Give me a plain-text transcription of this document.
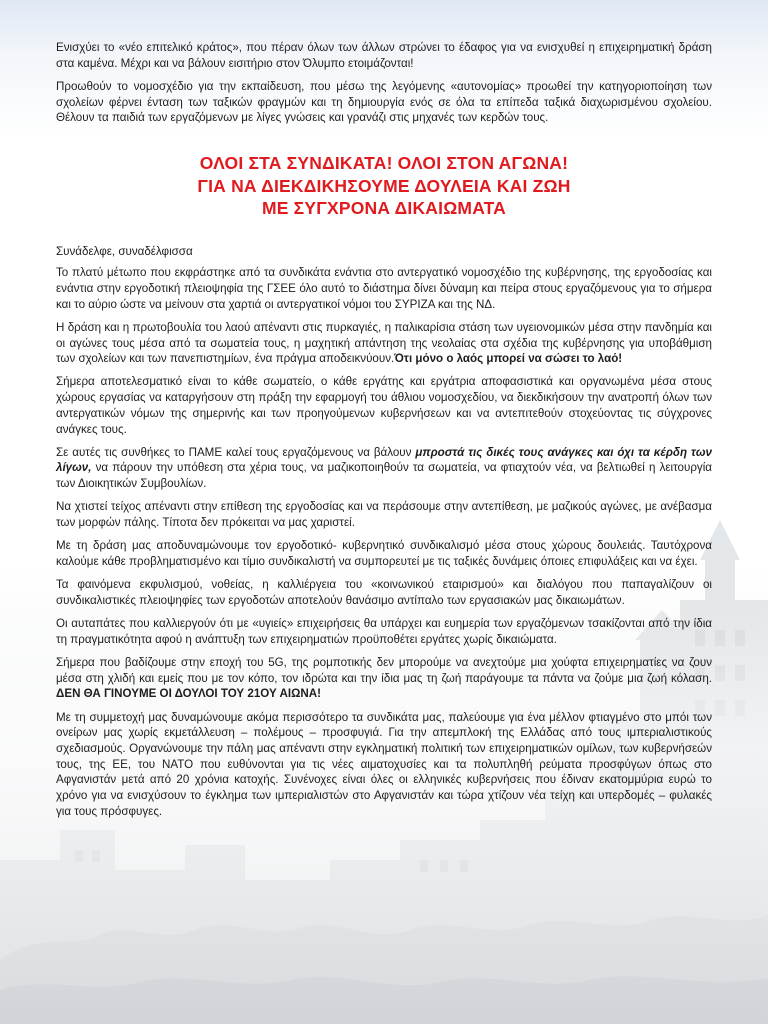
Ενισχύει το «νέο επιτελικό κράτος», που πέραν όλων των άλλων στρώνει το έδαφος για να ενισχυθεί η επιχειρηματική δράση στα καμένα. Μέχρι και να βάλουν εισιτήριο στον Όλυμπο ετοιμάζονται!

Προωθούν το νομοσχέδιο για την εκπαίδευση, που μέσω της λεγόμενης «αυτονομίας» προωθεί την κατηγοριοποίηση των σχολείων φέρνει ένταση των ταξικών φραγμών και τη δημιουργία ενός σε όλα τα επίπεδα ταξικά διαχωρισμένου σχολείου. Θέλουν τα παιδιά των εργαζόμενων με λίγες γνώσεις και γρανάζι στις μηχανές των κερδών τους.

ΟΛΟΙ ΣΤΑ ΣΥΝΔΙΚΑΤΑ! ΟΛΟΙ ΣΤΟΝ ΑΓΩΝΑ!
ΓΙΑ ΝΑ ΔΙΕΚΔΙΚΗΣΟΥΜΕ ΔΟΥΛΕΙΑ ΚΑΙ ΖΩΗ
ΜΕ ΣΥΓΧΡΟΝΑ ΔΙΚΑΙΩΜΑΤΑ

Συνάδελφε, συναδέλφισσα

Το πλατύ μέτωπο που εκφράστηκε από τα συνδικάτα ενάντια στο αντεργατικό νομοσχέδιο της κυβέρνησης, της εργοδοσίας και ενάντια στην εργοδοτική πλειοψηφία της ΓΣΕΕ όλο αυτό το διάστημα δίνει δύναμη και πείρα στους εργαζόμενους για το σήμερα και το αύριο ώστε να μείνουν στα χαρτιά οι αντεργατικοί νόμοι του ΣΥΡΙΖΑ και της ΝΔ.

Η δράση και η πρωτοβουλία του λαού απέναντι στις πυρκαγιές, η παλικαρίσια στάση των υγειονομικών μέσα στην πανδημία και οι αγώνες τους μέσα από τα σωματεία τους, η μαχητική απάντηση της νεολαίας στα σχέδια της κυβέρνησης για υποβάθμιση των σχολείων και των πανεπιστημίων, ένα πράγμα αποδεικνύουν.Ότι μόνο ο λαός μπορεί να σώσει το λαό!

Σήμερα αποτελεσματικό είναι το κάθε σωματείο, ο κάθε εργάτης και εργάτρια αποφασιστικά και οργανωμένα μέσα στους χώρους εργασίας να καταργήσουν στη πράξη την εφαρμογή του άθλιου νομοσχεδίου, να διεκδικήσουν την ανατροπή όλων των αντεργατικών νόμων της σημερινής και των προηγούμενων κυβερνήσεων και να αντεπιτεθούν στοχεύοντας τις σύγχρονες ανάγκες τους.

Σε αυτές τις συνθήκες το ΠΑΜΕ καλεί τους εργαζόμενους να βάλουν μπροστά τις δικές τους ανάγκες και όχι τα κέρδη των λίγων, να πάρουν την υπόθεση στα χέρια τους, να μαζικοποιηθούν τα σωματεία, να φτιαχτούν νέα, να βελτιωθεί η λειτουργία των Διοικητικών Συμβουλίων.

Να χτιστεί τείχος απέναντι στην επίθεση της εργοδοσίας και να περάσουμε στην αντεπίθεση, με μαζικούς αγώνες, με ανέβασμα των μορφών πάλης. Τίποτα δεν πρόκειται να μας χαριστεί.

Με τη δράση μας αποδυναμώνουμε τον εργοδοτικό- κυβερνητικό συνδικαλισμό μέσα στους χώρους δουλειάς. Ταυτόχρονα καλούμε κάθε προβληματισμένο και τίμιο συνδικαλιστή να συμπορευτεί με τις ταξικές δυνάμεις όποιες επιφυλάξεις και να έχει.

Τα φαινόμενα εκφυλισμού, νοθείας, η καλλιέργεια του «κοινωνικού εταιρισμού» και διαλόγου που παπαγαλίζουν οι συνδικαλιστικές πλειοψηφίες των εργοδοτών αποτελούν θανάσιμο αντίπαλο των εργασιακών μας δικαιωμάτων.

Οι αυταπάτες που καλλιεργούν ότι με «υγιείς» επιχειρήσεις θα υπάρχει και ευημερία των εργαζόμενων τσακίζονται από την ίδια τη πραγματικότητα αφού η ανάπτυξη των επιχειρηματιών προϋποθέτει εργάτες χωρίς δικαιώματα.

Σήμερα που βαδίζουμε στην εποχή του 5G, της ρομποτικής δεν μπορούμε να ανεχτούμε μια χούφτα επιχειρηματίες να ζουν μέσα στη χλιδή και εμείς που με τον κόπο, τον ιδρώτα και την ίδια μας τη ζωή παράγουμε τα πάντα να ζούμε μια ζωή κόλαση. ΔΕΝ ΘΑ ΓΙΝΟΥΜΕ ΟΙ ΔΟΥΛΟΙ ΤΟΥ 21ΟΥ ΑΙΩΝΑ!

Με τη συμμετοχή μας δυναμώνουμε ακόμα περισσότερο τα συνδικάτα μας, παλεύουμε για ένα μέλλον φτιαγμένο στο μπόι των ονείρων μας χωρίς εκμετάλλευση – πολέμους – προσφυγιά. Για την απεμπλοκή της Ελλάδας από τους ιμπεριαλιστικούς σχεδιασμούς. Οργανώνουμε την πάλη μας απέναντι στην εγκληματική πολιτική των επιχειρηματικών ομίλων, των κυβερνήσεών τους, της ΕΕ, του ΝΑΤΟ που ευθύνονται για τις νέες αιματοχυσίες και τα πολυπληθή ρεύματα προσφύγων όπως στο Αφγανιστάν μετά από 20 χρόνια κατοχής. Συνένοχες είναι όλες οι ελληνικές κυβερνήσεις που έδιναν εκατομμύρια ευρώ το χρόνο για να ενισχύσουν το έγκλημα των ιμπεριαλιστών στο Αφγανιστάν και τώρα χτίζουν νέα τείχη και υπερδομές – φυλακές για τους πρόσφυγες.
